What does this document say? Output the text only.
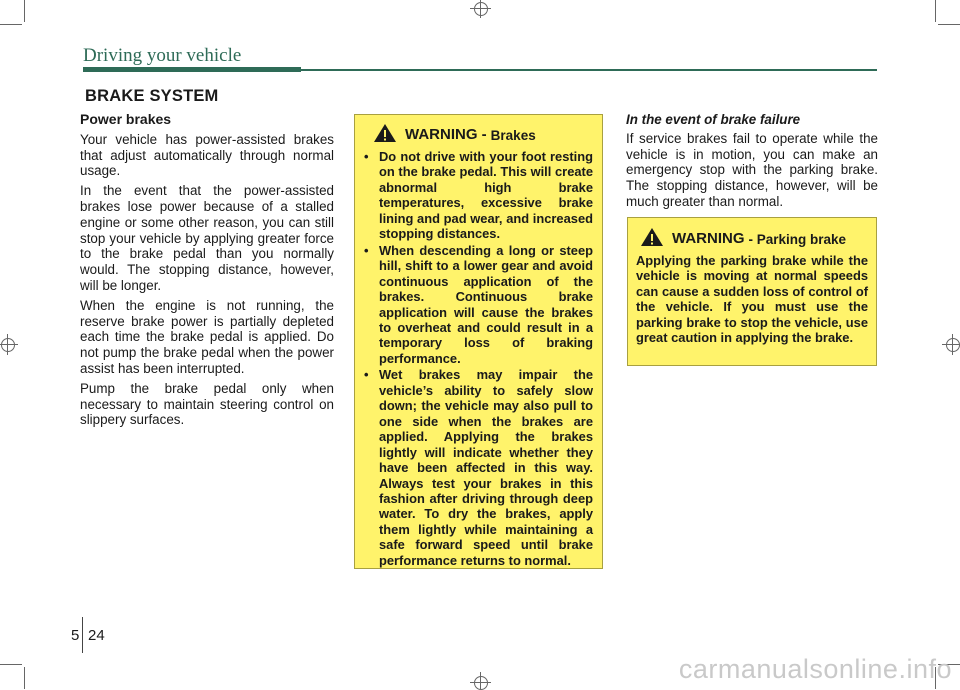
Driving your vehicle
BRAKE SYSTEM
Power brakes

Your vehicle has power-assisted brakes that adjust automatically through normal usage.

In the event that the power-assisted brakes lose power because of a stalled engine or some other reason, you can still stop your vehicle by applying greater force to the brake pedal than you normally would. The stopping distance, however, will be longer.

When the engine is not running, the reserve brake power is partially depleted each time the brake pedal is applied. Do not pump the brake pedal when the power assist has been interrupted.

Pump the brake pedal only when necessary to maintain steering control on slippery surfaces.

WARNING - Brakes
• Do not drive with your foot resting on the brake pedal. This will create abnormal high brake temperatures, excessive brake lining and pad wear, and increased stopping distances.
• When descending a long or steep hill, shift to a lower gear and avoid continuous application of the brakes. Continuous brake application will cause the brakes to overheat and could result in a temporary loss of braking performance.
• Wet brakes may impair the vehicle’s ability to safely slow down; the vehicle may also pull to one side when the brakes are applied. Applying the brakes lightly will indicate whether they have been affected in this way. Always test your brakes in this fashion after driving through deep water. To dry the brakes, apply them lightly while maintaining a safe forward speed until brake performance returns to normal.
In the event of brake failure

If service brakes fail to operate while the vehicle is in motion, you can make an emergency stop with the parking brake. The stopping distance, however, will be much greater than normal.

WARNING - Parking brake

Applying the parking brake while the vehicle is moving at normal speeds can cause a sudden loss of control of the vehicle. If you must use the parking brake to stop the vehicle, use great caution in applying the brake.

5 24
carmanualsonline.info
